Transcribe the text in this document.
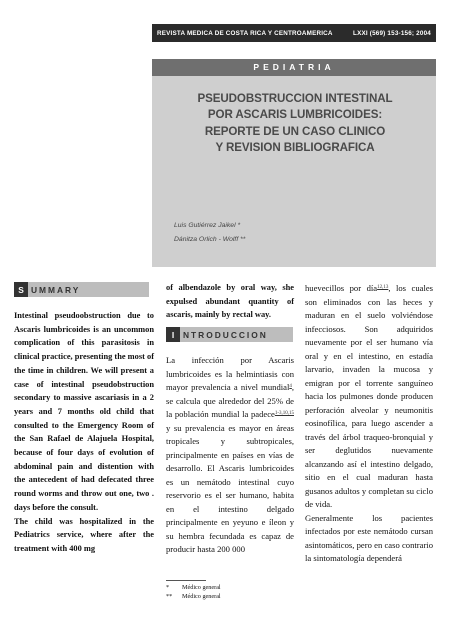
REVISTA MEDICA DE COSTA RICA Y CENTROAMERICA	LXXI (569) 153-156; 2004
PEDIATRIA
PSEUDOBSTRUCCION INTESTINAL
POR ASCARIS LUMBRICOIDES:
REPORTE DE UN CASO CLINICO
Y REVISION BIBLIOGRAFICA
Luis Gutiérrez Jaikel *
Dánitza Orlich - Wolff **
S UMMARY

Intestinal pseudoobstruction due to Ascaris lumbricoides is an uncommon complication of this parasitosis in clinical practice, presenting the most of the time in children. We will present a case of intestinal pseudobstruction secondary to massive ascariasis in a 2 years and 7 months old child that consulted to the Emergency Room of the San Rafael de Alajuela Hospital, because of four days of evolution of abdominal pain and distention with the antecedent of had defecated three round worms and throw out one, two . days before the consult.

The child was hospitalized in the Pediatrics service, where after the treatment with 400 mg

of albendazole by oral way, she expulsed abundant quantity of ascaris, mainly by rectal way.

I	NTRODUCCION

La infección por Ascaris lumbricoides es la helmintiasis con mayor prevalencia a nivel mundial$^4$, se calcula que alrededor del 25% de la población mundial la padece$^{1-3,10,15}$ y su prevalencia es mayor en áreas tropicales y subtropicales, principalmente en países en vías de desarrollo. El Ascaris lumbricoides es un nemátodo intestinal cuyo reservorio es el ser humano, habita en el intestino delgado principalmente en yeyuno e íleon y su hembra fecundada es capaz de producir hasta 200 000

huevecillos por día$^{12,13}$, los cuales son eliminados con las heces y maduran en el suelo volviéndose infecciosos. Son adquiridos nuevamente por el ser humano vía oral y en el intestino, en estadía larvario, invaden la mucosa y emigran por el torrente sanguíneo hacia los pulmones donde producen perforación alveolar y neumonitis eosinofílica, para luego ascender a través del árbol traqueo-bronquial y ser deglutidos nuevamente alcanzando así el intestino delgado, sitio en el cual maduran hasta gusanos adultos y completan su ciclo de vida.

Generalmente los pacientes infectados por este nemátodo cursan asintomáticos, pero en caso contrario la sintomatología dependerá

* Médico general
** Médico general
